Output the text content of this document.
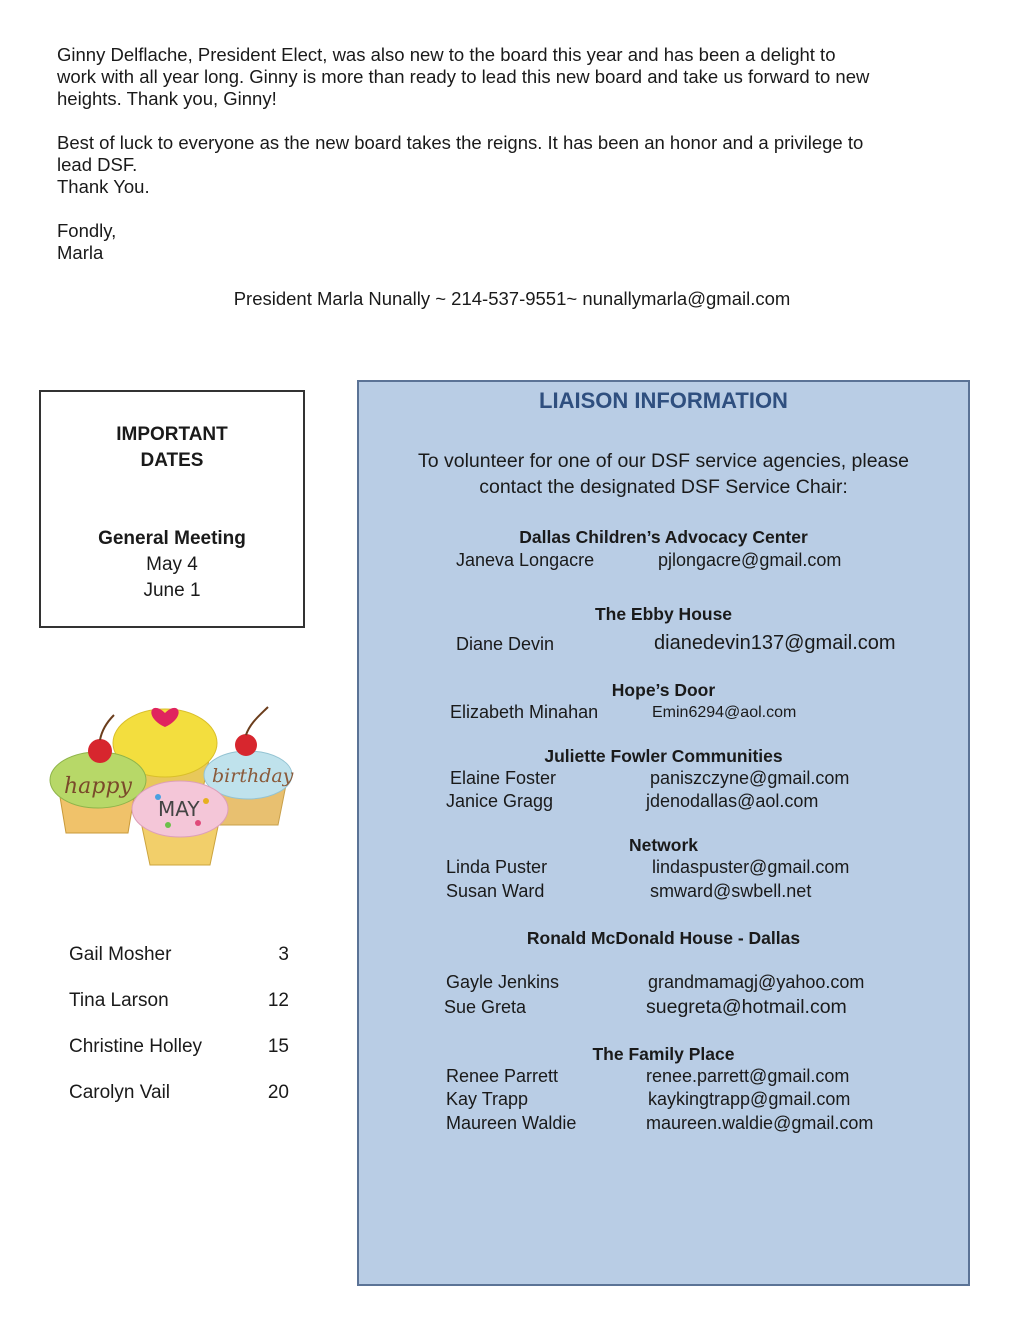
Ginny Delflache, President Elect, was also new to the board this year and has been a delight to
work with all year long. Ginny is more than ready to lead this new board and take us forward to new
heights. Thank you, Ginny!

Best of luck to everyone as the new board takes the reigns. It has been an honor and a privilege to
lead DSF.
Thank You.

Fondly,
Marla

President Marla Nunally ~ 214-537-9551~ nunallymarla@gmail.com
IMPORTANT
DATES
General Meeting
May 4
June 1
birthday
happy
MAY
Gail Mosher	3
Tina Larson	12
Christine Holley	15
Carolyn Vail	20
LIAISON INFORMATION
To volunteer for one of our DSF service agencies, please
contact the designated DSF Service Chair:
Dallas Children’s Advocacy Center
Janeva Longacre	pjlongacre@gmail.com
The Ebby House
Diane Devin	dianedevin137@gmail.com
Hope’s Door
Elizabeth Minahan	Emin6294@aol.com
Juliette Fowler Communities
Elaine Foster	paniszczyne@gmail.com
Janice Gragg	jdenodallas@aol.com
Network
Linda Puster	lindaspuster@gmail.com
Susan Ward	smward@swbell.net
Ronald McDonald House - Dallas
Gayle Jenkins	grandmamagj@yahoo.com
Sue Greta	suegreta@hotmail.com
The Family Place
Renee Parrett	renee.parrett@gmail.com
Kay Trapp	kaykingtrapp@gmail.com
Maureen Waldie	maureen.waldie@gmail.com
